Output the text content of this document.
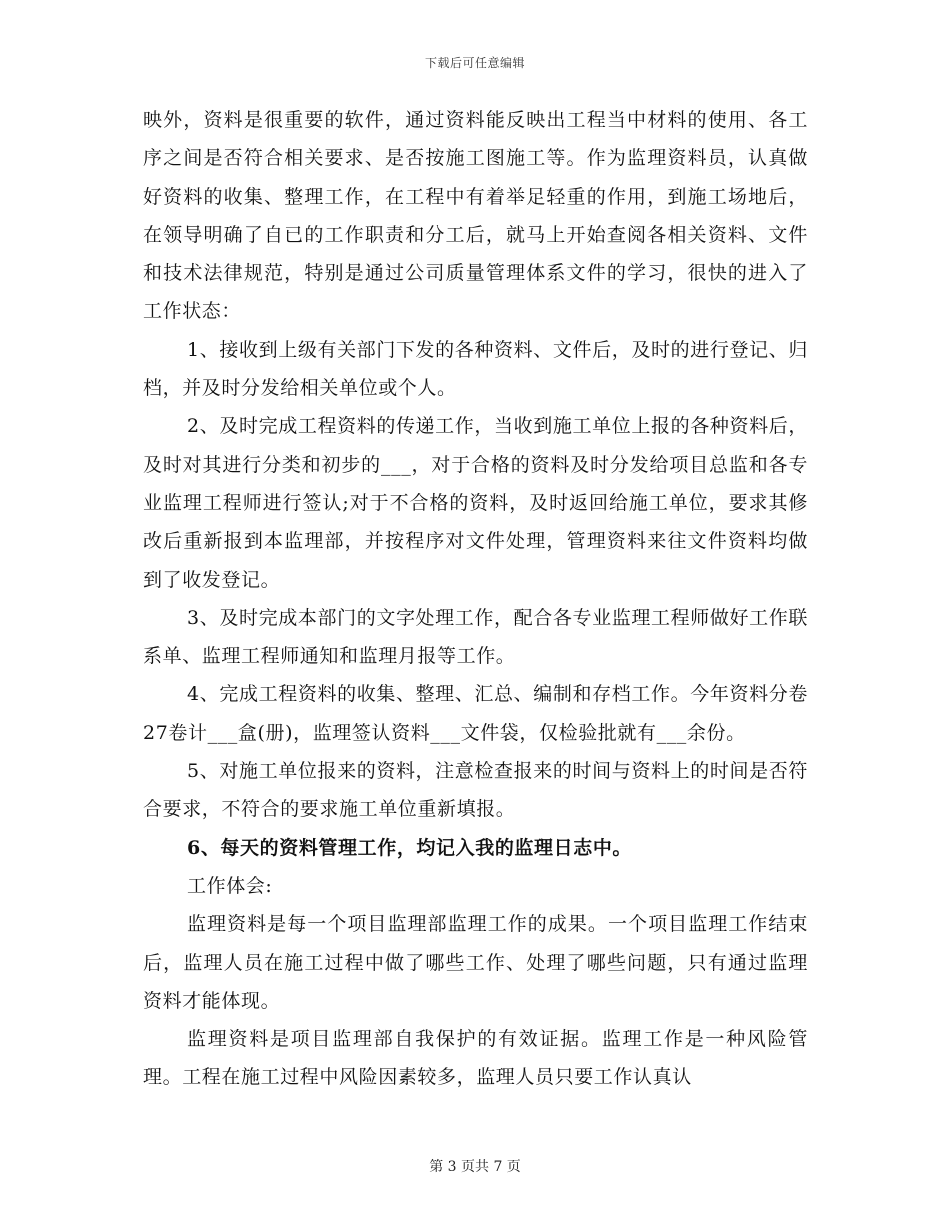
下载后可任意编辑

映外，资料是很重要的软件，通过资料能反映出工程当中材料的使用、各工序之间是否符合相关要求、是否按施工图施工等。作为监理资料员，认真做好资料的收集、整理工作，在工程中有着举足轻重的作用，到施工场地后，在领导明确了自已的工作职责和分工后，就马上开始查阅各相关资料、文件和技术法律规范，特别是通过公司质量管理体系文件的学习，很快的进入了工作状态：

1、接收到上级有关部门下发的各种资料、文件后，及时的进行登记、归档，并及时分发给相关单位或个人。

2、及时完成工程资料的传递工作，当收到施工单位上报的各种资料后，及时对其进行分类和初步的___，对于合格的资料及时分发给项目总监和各专业监理工程师进行签认;对于不合格的资料，及时返回给施工单位，要求其修改后重新报到本监理部，并按程序对文件处理，管理资料来往文件资料均做到了收发登记。

3、及时完成本部门的文字处理工作，配合各专业监理工程师做好工作联系单、监理工程师通知和监理月报等工作。

4、完成工程资料的收集、整理、汇总、编制和存档工作。今年资料分卷27卷计___盒(册)，监理签认资料___文件袋，仅检验批就有___余份。

5、对施工单位报来的资料，注意检查报来的时间与资料上的时间是否符合要求，不符合的要求施工单位重新填报。

6、每天的资料管理工作，均记入我的监理日志中。

工作体会:

监理资料是每一个项目监理部监理工作的成果。一个项目监理工作结束后，监理人员在施工过程中做了哪些工作、处理了哪些问题，只有通过监理资料才能体现。

监理资料是项目监理部自我保护的有效证据。监理工作是一种风险管理。工程在施工过程中风险因素较多，监理人员只要工作认真认

第 3 页共 7 页
